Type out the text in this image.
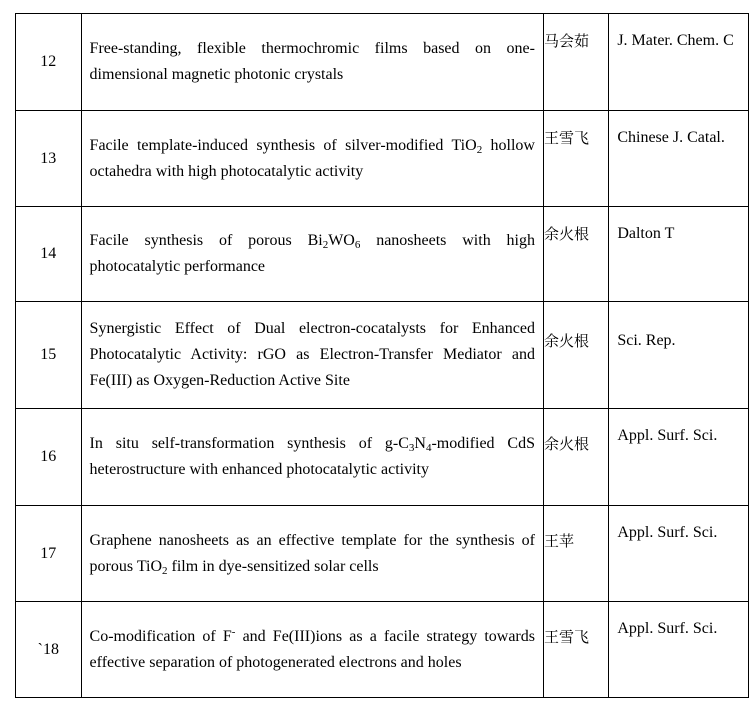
12	Free-standing, flexible thermochromic films based on one-dimensional magnetic photonic crystals	马会茹	J. Mater. Chem. C

13	Facile template-induced synthesis of silver-modified TiO$_2$ hollow octahedra with high photocatalytic activity	王雪飞	Chinese J. Catal.

14	Facile synthesis of porous $Bi_2WO_6$ nanosheets with high photocatalytic performance	余火根	Dalton T

15	Synergistic Effect of Dual electron-cocatalysts for Enhanced Photocatalytic Activity: rGO as Electron-Transfer Mediator and Fe(III) as Oxygen-Reduction Active Site	余火根	Sci. Rep.

16	In situ self-transformation synthesis of $g-C_3N_4$-modified CdS heterostructure with enhanced photocatalytic activity	余火根	Appl. Surf. Sci.

17	Graphene nanosheets as an effective template for the synthesis of porous TiO$_2$ film in dye-sensitized solar cells	王苹	Appl. Surf. Sci.

`18	Co-modification of F- and Fe(III)ions as a facile strategy towards effective separation of photogenerated electrons and holes	王雪飞	Appl. Surf. Sci.
